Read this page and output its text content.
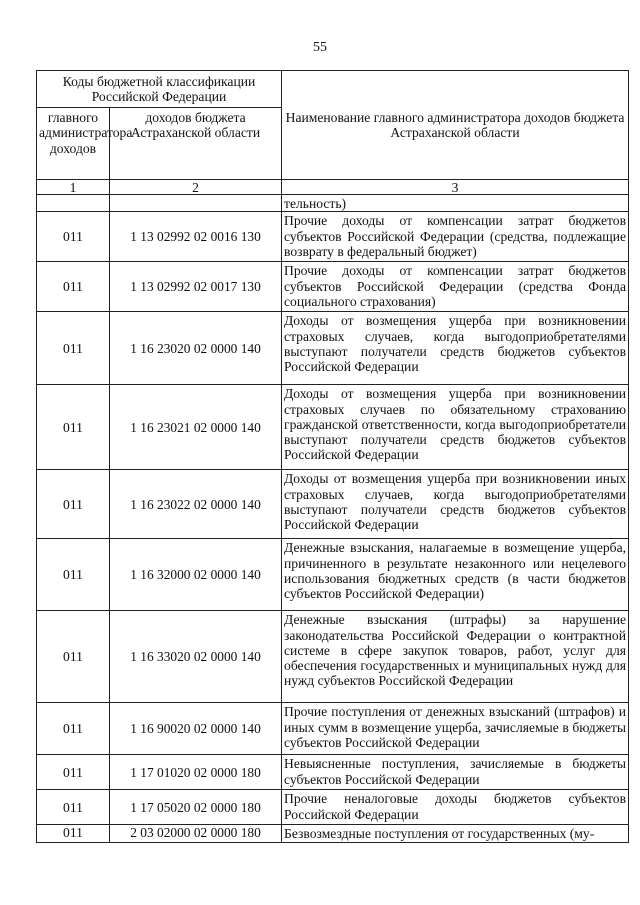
55
Коды бюджетной классификации Российской Федерации		Наименование главного администратора доходов бюджета Астраханской области
главного администратора доходов	доходов бюджета Астраханской области	
1	2	3
		тельность)
011	1 13 02992 02 0016 130	Прочие доходы от компенсации затрат бюджетов субъектов Российской Федерации (средства, подлежащие возврату в федеральный бюджет)
011	1 13 02992 02 0017 130	Прочие доходы от компенсации затрат бюджетов субъектов Российской Федерации (средства Фонда социального страхования)
011	1 16 23020 02 0000 140	Доходы от возмещения ущерба при возникновении страховых случаев, когда выгодоприобретателями выступают получатели средств бюджетов субъектов Российской Федерации
011	1 16 23021 02 0000 140	Доходы от возмещения ущерба при возникновении страховых случаев по обязательному страхованию гражданской ответственности, когда выгодоприобретатели выступают получатели средств бюджетов субъектов Российской Федерации
011	1 16 23022 02 0000 140	Доходы от возмещения ущерба при возникновении иных страховых случаев, когда выгодоприобретателями выступают получатели средств бюджетов субъектов Российской Федерации
011	1 16 32000 02 0000 140	Денежные взыскания, налагаемые в возмещение ущерба, причиненного в результате незаконного или нецелевого использования бюджетных средств (в части бюджетов субъектов Российской Федерации)
011	1 16 33020 02 0000 140	Денежные взыскания (штрафы) за нарушение законодательства Российской Федерации о контрактной системе в сфере закупок товаров, работ, услуг для обеспечения государственных и муниципальных нужд для нужд субъектов Российской Федерации
011	1 16 90020 02 0000 140	Прочие поступления от денежных взысканий (штрафов) и иных сумм в возмещение ущерба, зачисляемые в бюджеты субъектов Российской Федерации
011	1 17 01020 02 0000 180	Невыясненные поступления, зачисляемые в бюджеты субъектов Российской Федерации
011	1 17 05020 02 0000 180	Прочие неналоговые доходы бюджетов субъектов Российской Федерации
011	2 03 02000 02 0000 180	Безвозмездные поступления от государственных (му-
